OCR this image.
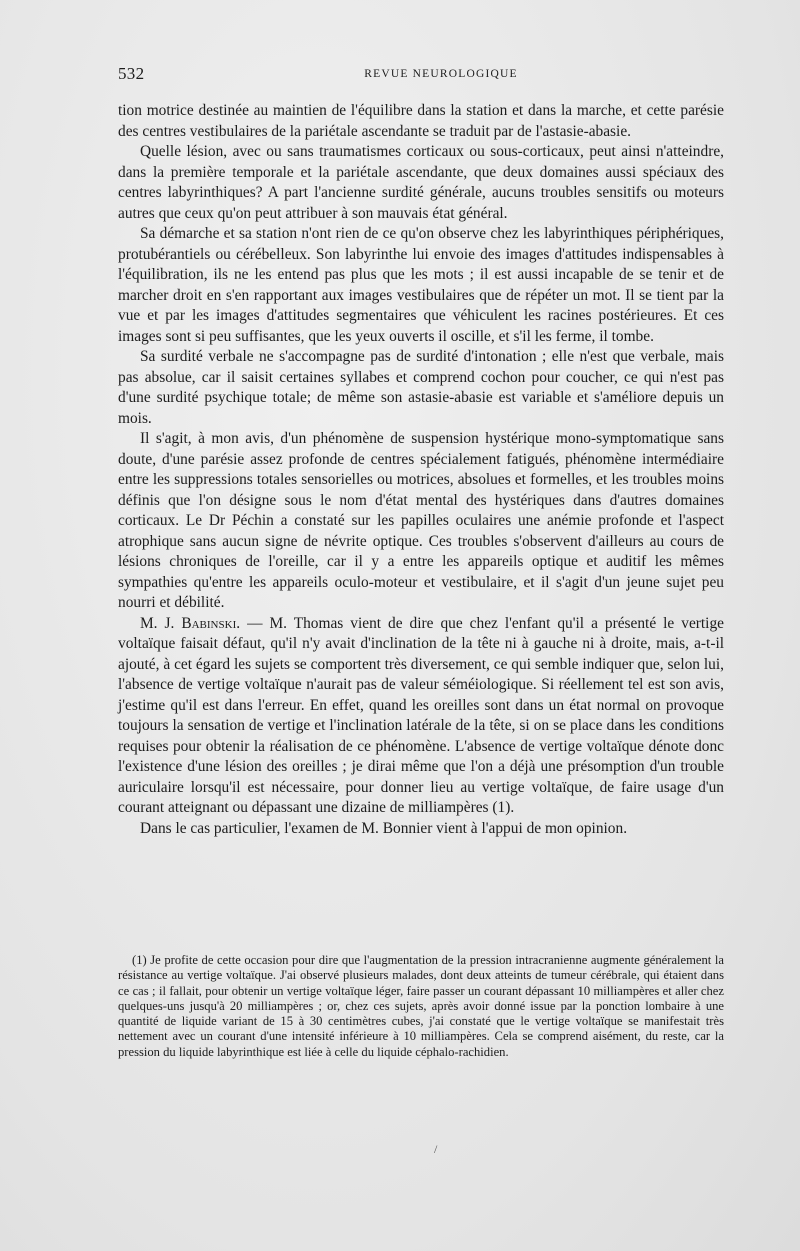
532	REVUE NEUROLOGIQUE

tion motrice destinée au maintien de l'équilibre dans la station et dans la marche, et cette parésie des centres vestibulaires de la pariétale ascendante se traduit par de l'astasie-abasie.

Quelle lésion, avec ou sans traumatismes corticaux ou sous-corticaux, peut ainsi n'atteindre, dans la première temporale et la pariétale ascendante, que deux domaines aussi spéciaux des centres labyrinthiques? A part l'ancienne surdité générale, aucuns troubles sensitifs ou moteurs autres que ceux qu'on peut attribuer à son mauvais état général.

Sa démarche et sa station n'ont rien de ce qu'on observe chez les labyrinthiques périphériques, protubérantiels ou cérébelleux. Son labyrinthe lui envoie des images d'attitudes indispensables à l'équilibration, ils ne les entend pas plus que les mots ; il est aussi incapable de se tenir et de marcher droit en s'en rapportant aux images vestibulaires que de répéter un mot. Il se tient par la vue et par les images d'attitudes segmentaires que véhiculent les racines postérieures. Et ces images sont si peu suffisantes, que les yeux ouverts il oscille, et s'il les ferme, il tombe.

Sa surdité verbale ne s'accompagne pas de surdité d'intonation ; elle n'est que verbale, mais pas absolue, car il saisit certaines syllabes et comprend cochon pour coucher, ce qui n'est pas d'une surdité psychique totale; de même son astasie-abasie est variable et s'améliore depuis un mois.

Il s'agit, à mon avis, d'un phénomène de suspension hystérique mono-symptomatique sans doute, d'une parésie assez profonde de centres spécialement fatigués, phénomène intermédiaire entre les suppressions totales sensorielles ou motrices, absolues et formelles, et les troubles moins définis que l'on désigne sous le nom d'état mental des hystériques dans d'autres domaines corticaux. Le Dr Péchin a constaté sur les papilles oculaires une anémie profonde et l'aspect atrophique sans aucun signe de névrite optique. Ces troubles s'observent d'ailleurs au cours de lésions chroniques de l'oreille, car il y a entre les appareils optique et auditif les mêmes sympathies qu'entre les appareils oculo-moteur et vestibulaire, et il s'agit d'un jeune sujet peu nourri et débilité.

M. J. Babinski. — M. Thomas vient de dire que chez l'enfant qu'il a présenté le vertige voltaïque faisait défaut, qu'il n'y avait d'inclination de la tête ni à gauche ni à droite, mais, a-t-il ajouté, à cet égard les sujets se comportent très diversement, ce qui semble indiquer que, selon lui, l'absence de vertige voltaïque n'aurait pas de valeur séméiologique. Si réellement tel est son avis, j'estime qu'il est dans l'erreur. En effet, quand les oreilles sont dans un état normal on provoque toujours la sensation de vertige et l'inclination latérale de la tête, si on se place dans les conditions requises pour obtenir la réalisation de ce phénomène. L'absence de vertige voltaïque dénote donc l'existence d'une lésion des oreilles ; je dirai même que l'on a déjà une présomption d'un trouble auriculaire lorsqu'il est nécessaire, pour donner lieu au vertige voltaïque, de faire usage d'un courant atteignant ou dépassant une dizaine de milliampères (1).

Dans le cas particulier, l'examen de M. Bonnier vient à l'appui de mon opinion.

(1) Je profite de cette occasion pour dire que l'augmentation de la pression intracranienne augmente généralement la résistance au vertige voltaïque. J'ai observé plusieurs malades, dont deux atteints de tumeur cérébrale, qui étaient dans ce cas ; il fallait, pour obtenir un vertige voltaïque léger, faire passer un courant dépassant 10 milliampères et aller chez quelques-uns jusqu'à 20 milliampères ; or, chez ces sujets, après avoir donné issue par la ponction lombaire à une quantité de liquide variant de 15 à 30 centimètres cubes, j'ai constaté que le vertige voltaïque se manifestait très nettement avec un courant d'une intensité inférieure à 10 milliampères. Cela se comprend aisément, du reste, car la pression du liquide labyrinthique est liée à celle du liquide céphalo-rachidien.

/
